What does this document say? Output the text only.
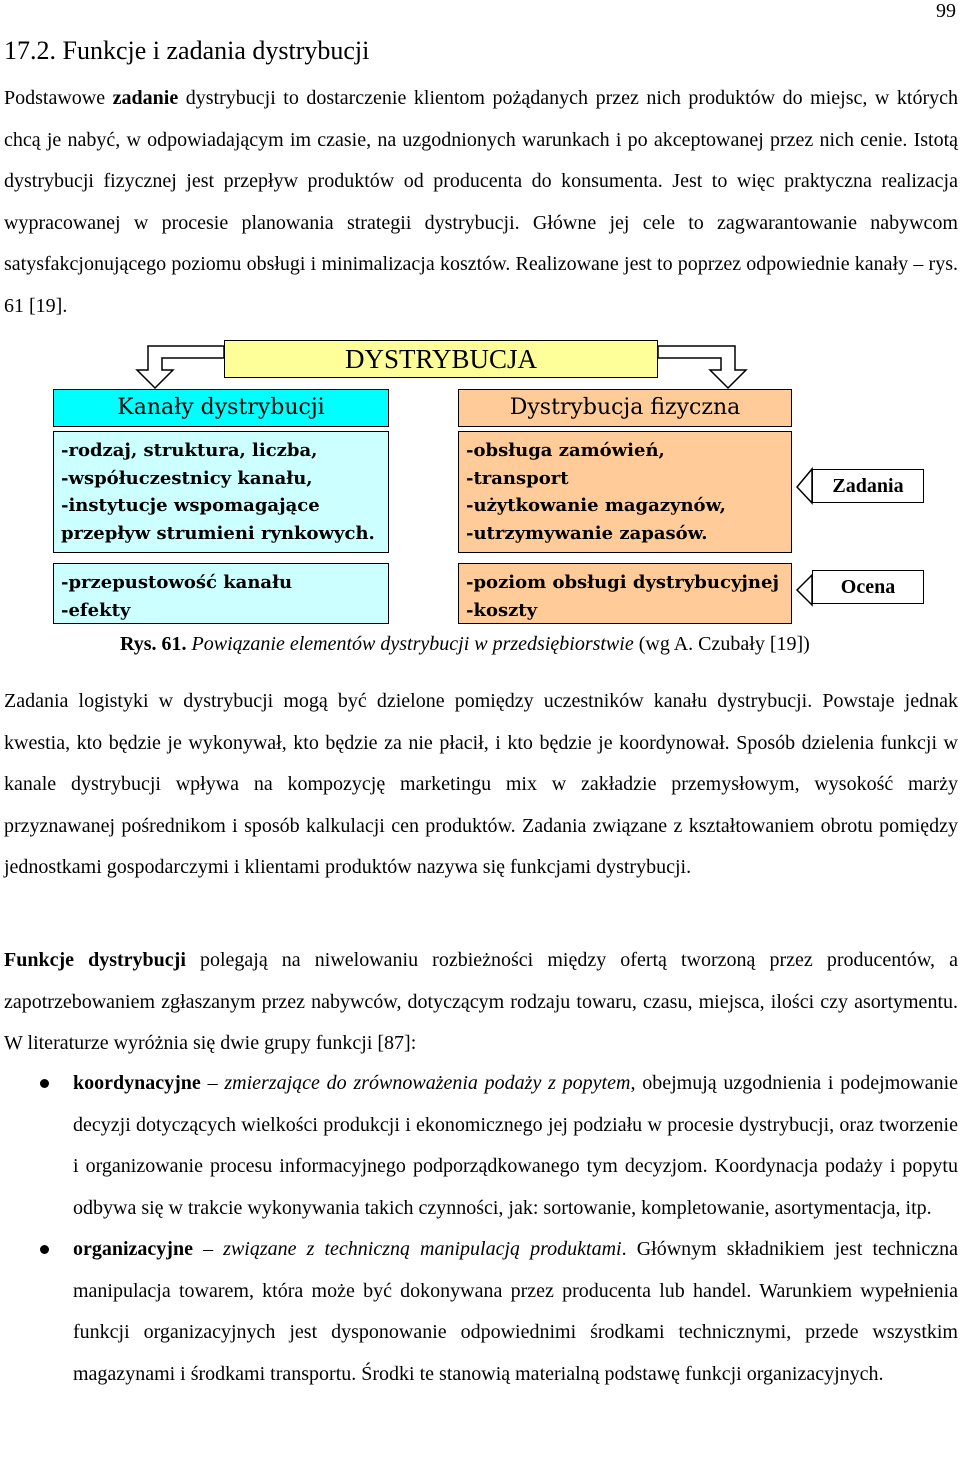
99
17.2. Funkcje i zadania dystrybucji

Podstawowe zadanie dystrybucji to dostarczenie klientom pożądanych przez nich produktów do miejsc, w których chcą je nabyć, w odpowiadającym im czasie, na uzgodnionych warunkach i po akceptowanej przez nich cenie. Istotą dystrybucji fizycznej jest przepływ produktów od producenta do konsumenta. Jest to więc praktyczna realizacja wypracowanej w procesie planowania strategii dystrybucji. Główne jej cele to zagwarantowanie nabywcom satysfakcjonującego poziomu obsługi i minimalizacja kosztów. Realizowane jest to poprzez odpowiednie kanały – rys. 61 [19].

DYSTRYBUCJA
Kanały dystrybucji	Dystrybucja fizyczna
-rodzaj, struktura, liczba,
-współuczestnicy kanału,
-instytucje wspomagające
przepływ strumieni rynkowych.
-obsługa zamówień,
-transport
-użytkowanie magazynów,
-utrzymywanie zapasów.
-przepustowość kanału
-efekty
-poziom obsługi dystrybucyjnej
-koszty
Zadania
Ocena
Rys. 61. Powiązanie elementów dystrybucji w przedsiębiorstwie (wg A. Czubały [19])

Zadania logistyki w dystrybucji mogą być dzielone pomiędzy uczestników kanału dystrybucji. Powstaje jednak kwestia, kto będzie je wykonywał, kto będzie za nie płacił, i kto będzie je koordynował. Sposób dzielenia funkcji w kanale dystrybucji wpływa na kompozycję marketingu mix w zakładzie przemysłowym, wysokość marży przyznawanej pośrednikom i sposób kalkulacji cen produktów. Zadania związane z kształtowaniem obrotu pomiędzy jednostkami gospodarczymi i klientami produktów nazywa się funkcjami dystrybucji.

Funkcje dystrybucji polegają na niwelowaniu rozbieżności między ofertą tworzoną przez producentów, a zapotrzebowaniem zgłaszanym przez nabywców, dotyczącym rodzaju towaru, czasu, miejsca, ilości czy asortymentu. W literaturze wyróżnia się dwie grupy funkcji [87]:

koordynacyjne – zmierzające do zrównoważenia podaży z popytem, obejmują uzgodnienia i podejmowanie decyzji dotyczących wielkości produkcji i ekonomicznego jej podziału w procesie dystrybucji, oraz tworzenie i organizowanie procesu informacyjnego podporządkowanego tym decyzjom. Koordynacja podaży i popytu odbywa się w trakcie wykonywania takich czynności, jak: sortowanie, kompletowanie, asortymentacja, itp.
organizacyjne – związane z techniczną manipulacją produktami. Głównym składnikiem jest techniczna manipulacja towarem, która może być dokonywana przez producenta lub handel. Warunkiem wypełnienia funkcji organizacyjnych jest dysponowanie odpowiednimi środkami technicznymi, przede wszystkim magazynami i środkami transportu. Środki te stanowią materialną podstawę funkcji organizacyjnych.
